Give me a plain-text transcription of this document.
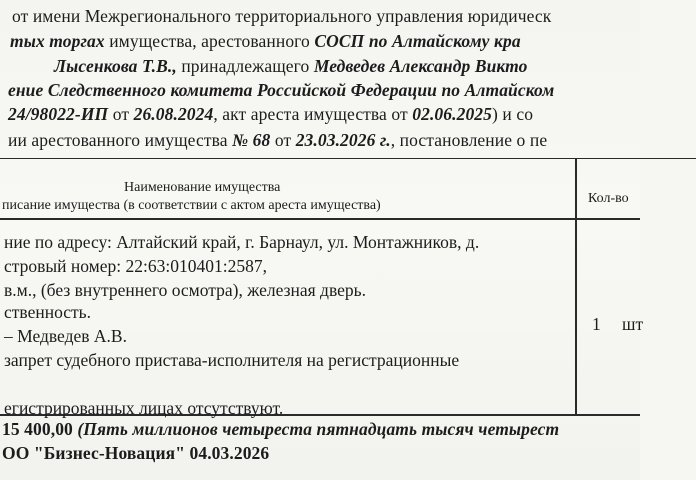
от имени Межрегионального территориального управления юридическ
тых торгах имущества, арестованного СОСП по Алтайскому кра
Лысенкова Т.В., принадлежащего Медведев Александр Викто
ение Следственного комитета Российской Федерации по Алтайском
24/98022-ИП от 26.08.2024, акт ареста имущества от 02.06.2025) и со
ии арестованного имущества № 68 от 23.03.2026 г., постановление о пе
Наименование имущества
писание имущества (в соответствии с актом ареста имущества)	Кол-во
ние по адресу: Алтайский край, г. Барнаул, ул. Монтажников, д.
стровый номер: 22:63:010401:2587,
в.м., (без внутреннего осмотра), железная дверь.
ственность.
– Медведев А.В.
запрет судебного пристава-исполнителя на регистрационные
егистрированных лицах отсутствуют.
1 шт
15 400,00 (Пять миллионов четыреста пятнадцать тысяч четырест
ОО "Бизнес-Новация" 04.03.2026
